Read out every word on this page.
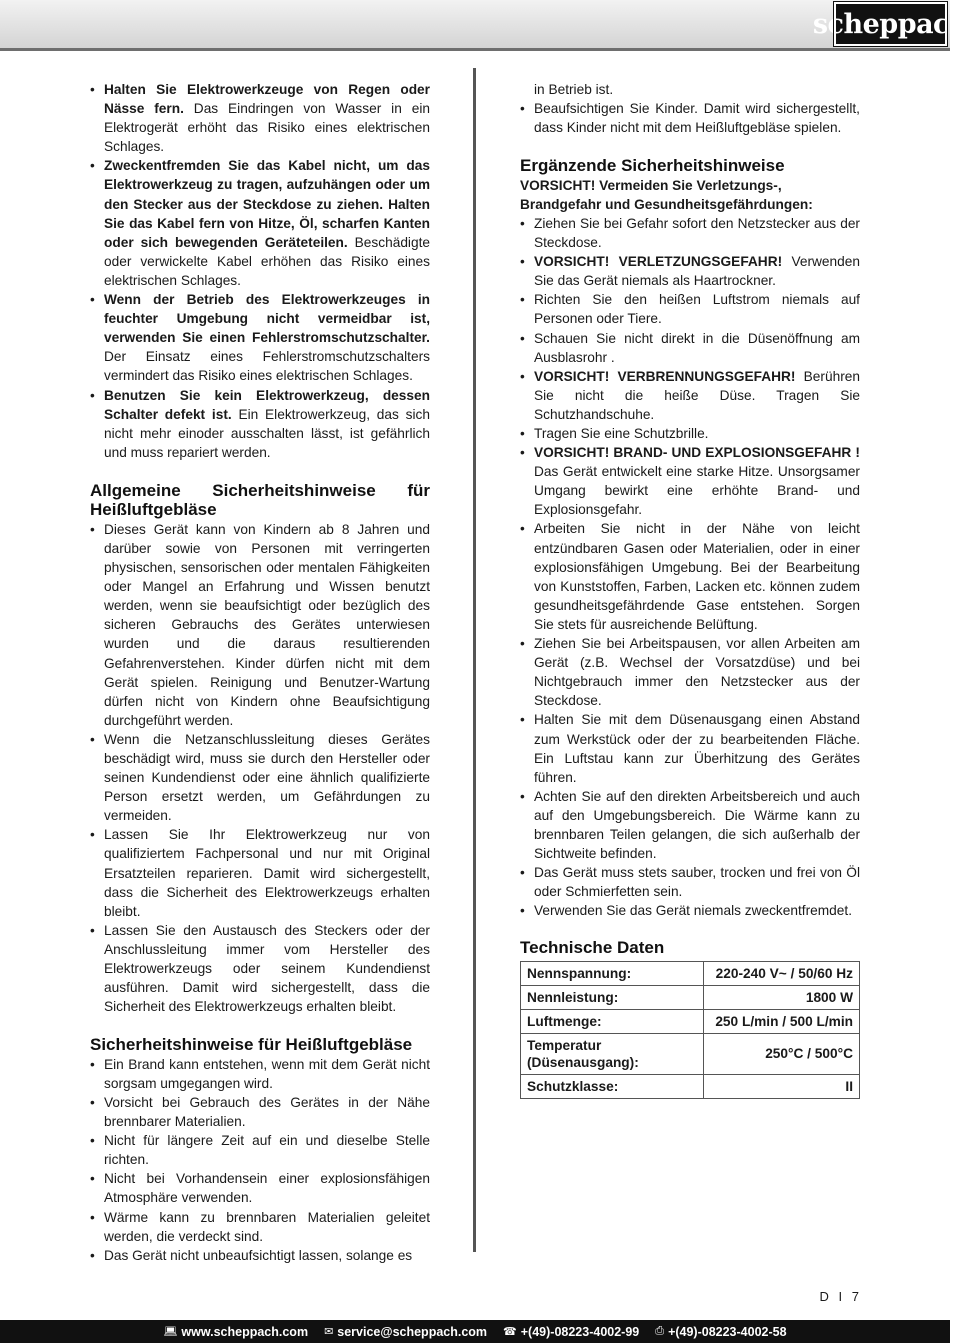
scheppach
• Halten Sie Elektrowerkzeuge von Regen oder Nässe fern. Das Eindringen von Wasser in ein Elektrogerät erhöht das Risiko eines elektrischen Schlages.
• Zweckentfremden Sie das Kabel nicht, um das Elektrowerkzeug zu tragen, aufzuhängen oder um den Stecker aus der Steckdose zu ziehen. Halten Sie das Kabel fern von Hitze, Öl, scharfen Kanten oder sich bewegenden Geräteteilen. Beschädigte oder verwickelte Kabel erhöhen das Risiko eines elektrischen Schlages.
• Wenn der Betrieb des Elektrowerkzeuges in feuchter Umgebung nicht vermeidbar ist, verwenden Sie einen Fehlerstromschutzschalter. Der Einsatz eines Fehlerstromschutzschalters vermindert das Risiko eines elektrischen Schlages.
• Benutzen Sie kein Elektrowerkzeug, dessen Schalter defekt ist. Ein Elektrowerkzeug, das sich nicht mehr einoder ausschalten lässt, ist gefährlich und muss repariert werden.
Allgemeine Sicherheitshinweise für
Heißluftgebläse
• Dieses Gerät kann von Kindern ab 8 Jahren und darüber sowie von Personen mit verringerten physischen, sensorischen oder mentalen Fähigkeiten oder Mangel an Erfahrung und Wissen benutzt werden, wenn sie beaufsichtigt oder bezüglich des sicheren Gebrauchs des Gerätes unterwiesen wurden und die daraus resultierenden Gefahrenverstehen. Kinder dürfen nicht mit dem Gerät spielen. Reinigung und Benutzer-Wartung dürfen nicht von Kindern ohne Beaufsichtigung durchgeführt werden.
• Wenn die Netzanschlussleitung dieses Gerätes beschädigt wird, muss sie durch den Hersteller oder seinen Kundendienst oder eine ähnlich qualifizierte Person ersetzt werden, um Gefährdungen zu vermeiden.
• Lassen Sie Ihr Elektrowerkzeug nur von qualifiziertem Fachpersonal und nur mit Original Ersatzteilen reparieren. Damit wird sichergestellt, dass die Sicherheit des Elektrowerkzeugs erhalten bleibt.
• Lassen Sie den Austausch des Steckers oder der Anschlussleitung immer vom Hersteller des Elektrowerkzeugs oder seinem Kundendienst ausführen. Damit wird sichergestellt, dass die Sicherheit des Elektrowerkzeugs erhalten bleibt.
Sicherheitshinweise für Heißluftgebläse
• Ein Brand kann entstehen, wenn mit dem Gerät nicht sorgsam umgegangen wird.
• Vorsicht bei Gebrauch des Gerätes in der Nähe brennbarer Materialien.
• Nicht für längere Zeit auf ein und dieselbe Stelle richten.
• Nicht bei Vorhandensein einer explosionsfähigen Atmosphäre verwenden.
• Wärme kann zu brennbaren Materialien geleitet werden, die verdeckt sind.
• Das Gerät nicht unbeaufsichtigt lassen, solange es
in Betrieb ist.
• Beaufsichtigen Sie Kinder. Damit wird sichergestellt, dass Kinder nicht mit dem Heißluftgebläse spielen.
Ergänzende Sicherheitshinweise
VORSICHT! Vermeiden Sie Verletzungs-, Brandgefahr und Gesundheitsgefährdungen:
• Ziehen Sie bei Gefahr sofort den Netzstecker aus der Steckdose.
• VORSICHT! VERLETZUNGSGEFAHR! Verwenden Sie das Gerät niemals als Haartrockner.
• Richten Sie den heißen Luftstrom niemals auf Personen oder Tiere.
• Schauen Sie nicht direkt in die Düsenöffnung am Ausblasrohr .
• VORSICHT! VERBRENNUNGSGEFAHR! Berühren Sie nicht die heiße Düse. Tragen Sie Schutzhandschuhe.
• Tragen Sie eine Schutzbrille.
• VORSICHT! BRAND- UND EXPLOSIONSGEFAHR ! Das Gerät entwickelt eine starke Hitze. Unsorgsamer Umgang bewirkt eine erhöhte Brand- und Explosionsgefahr.
• Arbeiten Sie nicht in der Nähe von leicht entzündbaren Gasen oder Materialien, oder in einer explosionsfähigen Umgebung. Bei der Bearbeitung von Kunststoffen, Farben, Lacken etc. können zudem gesundheitsgefährdende Gase entstehen. Sorgen Sie stets für ausreichende Belüftung.
• Ziehen Sie bei Arbeitspausen, vor allen Arbeiten am Gerät (z.B. Wechsel der Vorsatzdüse) und bei Nichtgebrauch immer den Netzstecker aus der Steckdose.
• Halten Sie mit dem Düsenausgang einen Abstand zum Werkstück oder der zu bearbeitenden Fläche. Ein Luftstau kann zur Überhitzung des Gerätes führen.
• Achten Sie auf den direkten Arbeitsbereich und auch auf den Umgebungsbereich. Die Wärme kann zu brennbaren Teilen gelangen, die sich außerhalb der Sichtweite befinden.
• Das Gerät muss stets sauber, trocken und frei von Öl oder Schmierfetten sein.
• Verwenden Sie das Gerät niemals zweckentfremdet.
Technische Daten
Nennspannung:	220-240 V~ / 50/60 Hz
Nennleistung:	1800 W
Luftmenge:	250 L/min / 500 L/min
Temperatur (Düsenausgang):	250°C / 500°C
Schutzklasse:	II
D I 7
💻︎ www.scheppach.com ✉ service@scheppach.com ☎ +(49)-08223-4002-99 ⎙ +(49)-08223-4002-58
